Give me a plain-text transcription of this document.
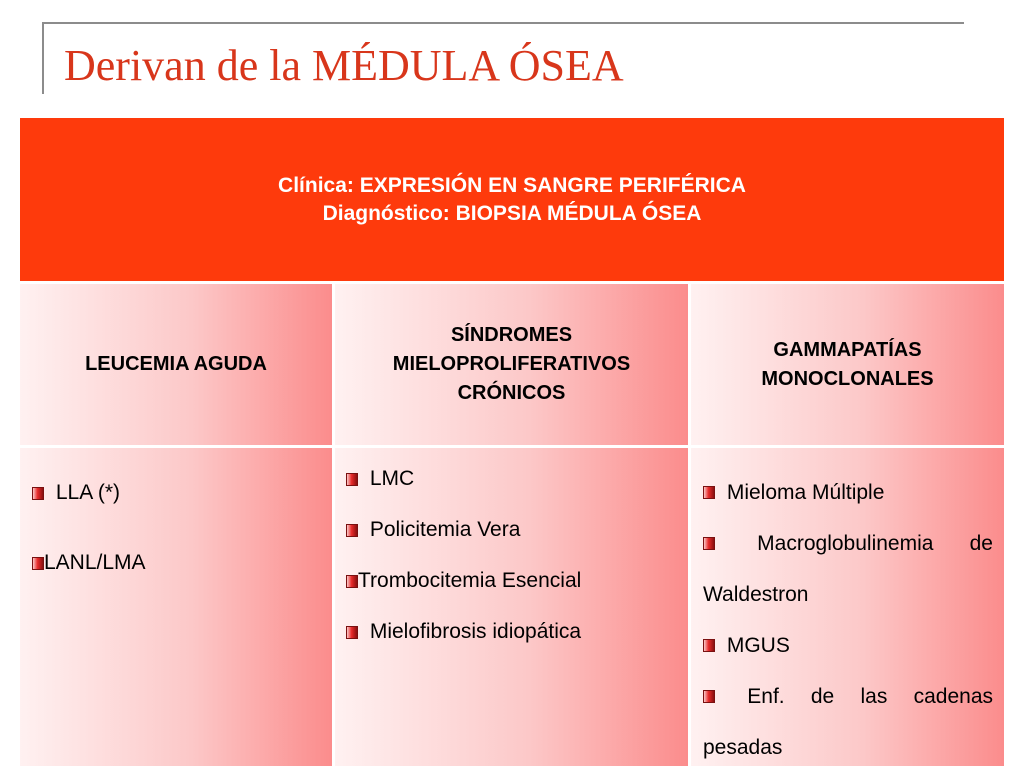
Derivan de la MÉDULA ÓSEA
Clínica: EXPRESIÓN EN SANGRE PERIFÉRICA
Diagnóstico: BIOPSIA MÉDULA ÓSEA
LEUCEMIA AGUDA
SÍNDROMES MIELOPROLIFERATIVOS CRÓNICOS
GAMMAPATÍAS MONOCLONALES
LLA (*)
LANL/LMA
LMC
Policitemia Vera
Trombocitemia Esencial
Mielofibrosis idiopática
Mieloma Múltiple
Macroglobulinemia de Waldestron
MGUS
Enf. de las cadenas pesadas
